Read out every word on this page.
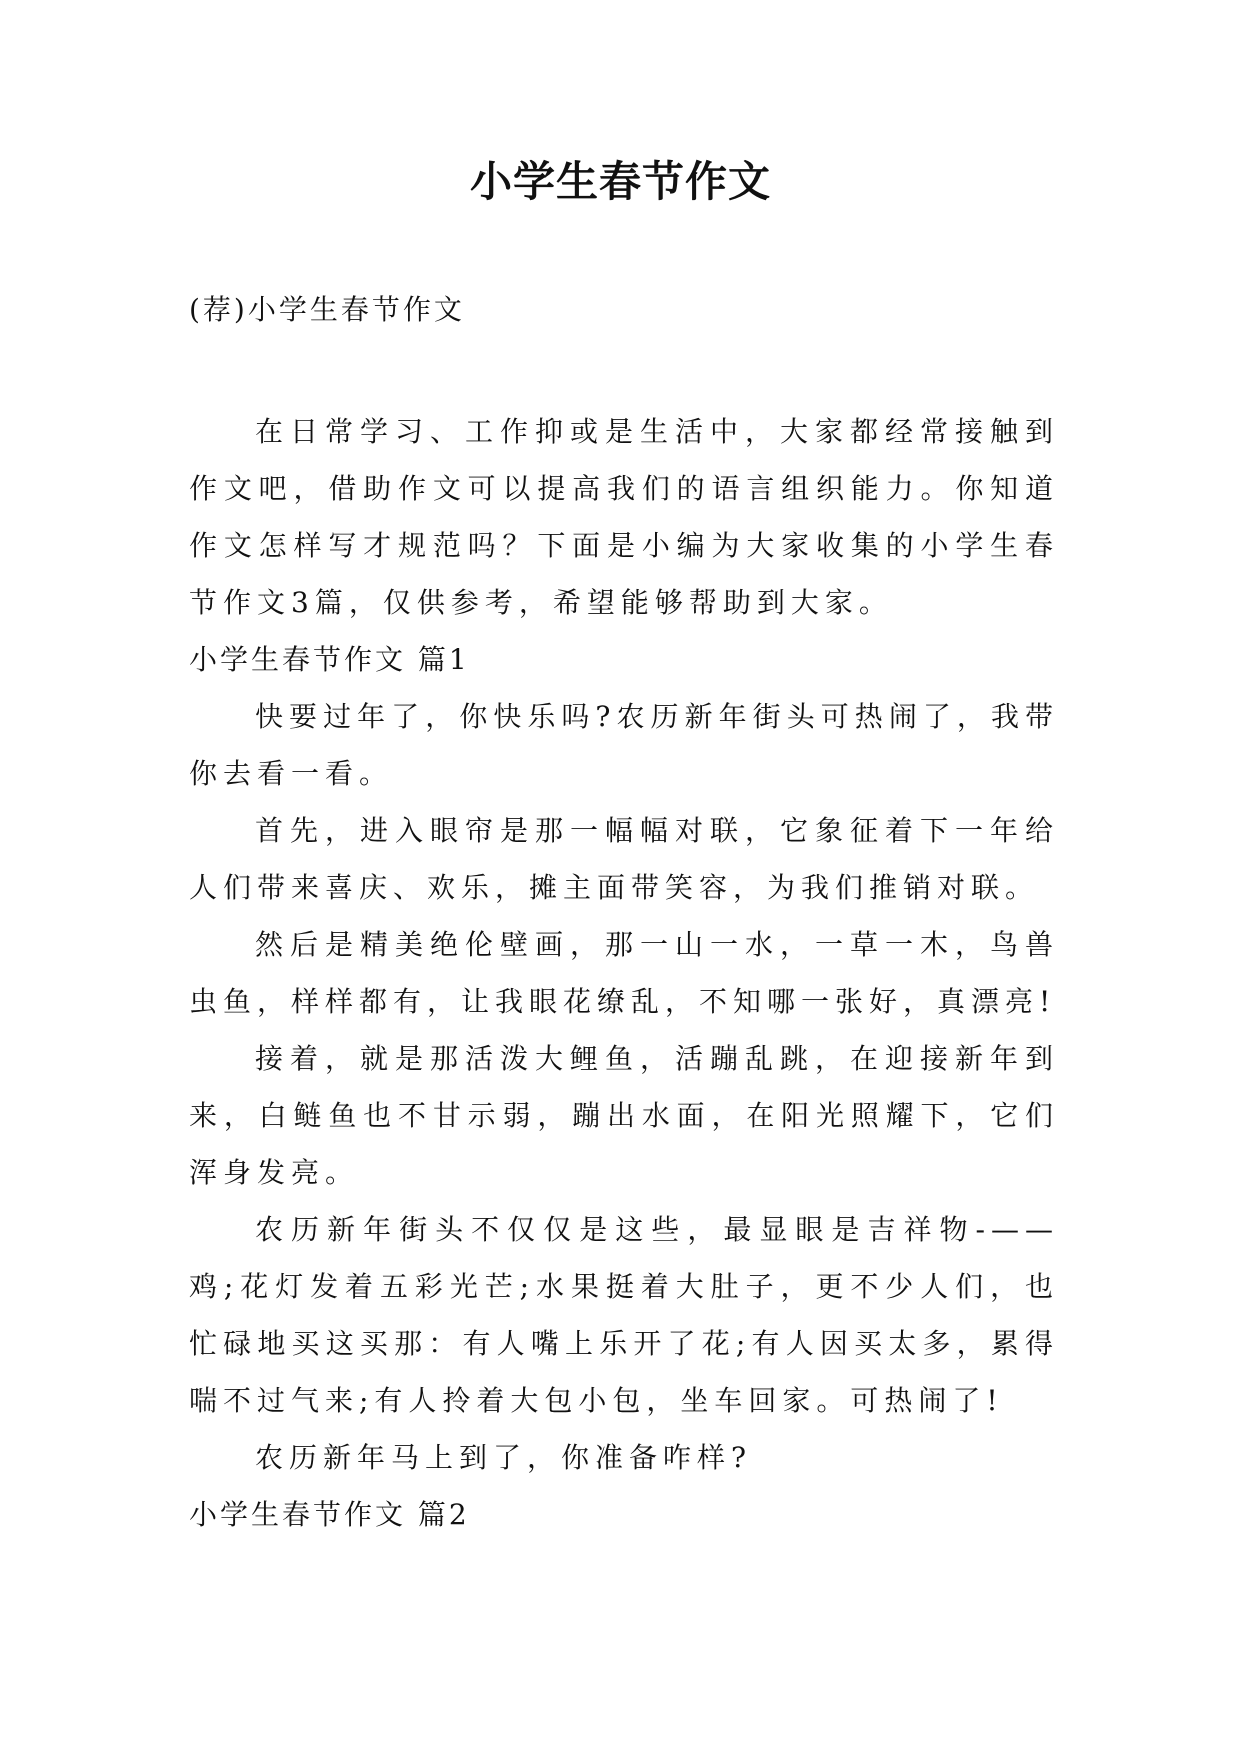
小学生春节作文

(荐)小学生春节作文

在日常学习、工作抑或是生活中，大家都经常接触到作文吧，借助作文可以提高我们的语言组织能力。你知道作文怎样写才规范吗？下面是小编为大家收集的小学生春节作文3篇，仅供参考，希望能够帮助到大家。

小学生春节作文 篇1

快要过年了，你快乐吗?农历新年街头可热闹了，我带你去看一看。

首先，进入眼帘是那一幅幅对联，它象征着下一年给人们带来喜庆、欢乐，摊主面带笑容，为我们推销对联。

然后是精美绝伦壁画，那一山一水，一草一木，鸟兽虫鱼，样样都有，让我眼花缭乱，不知哪一张好，真漂亮!

接着，就是那活泼大鲤鱼，活蹦乱跳，在迎接新年到来，白鲢鱼也不甘示弱，蹦出水面，在阳光照耀下，它们浑身发亮。

农历新年街头不仅仅是这些，最显眼是吉祥物-——鸡;花灯发着五彩光芒;水果挺着大肚子，更不少人们，也忙碌地买这买那：有人嘴上乐开了花;有人因买太多，累得喘不过气来;有人拎着大包小包，坐车回家。可热闹了!

农历新年马上到了，你准备咋样?

小学生春节作文 篇2
